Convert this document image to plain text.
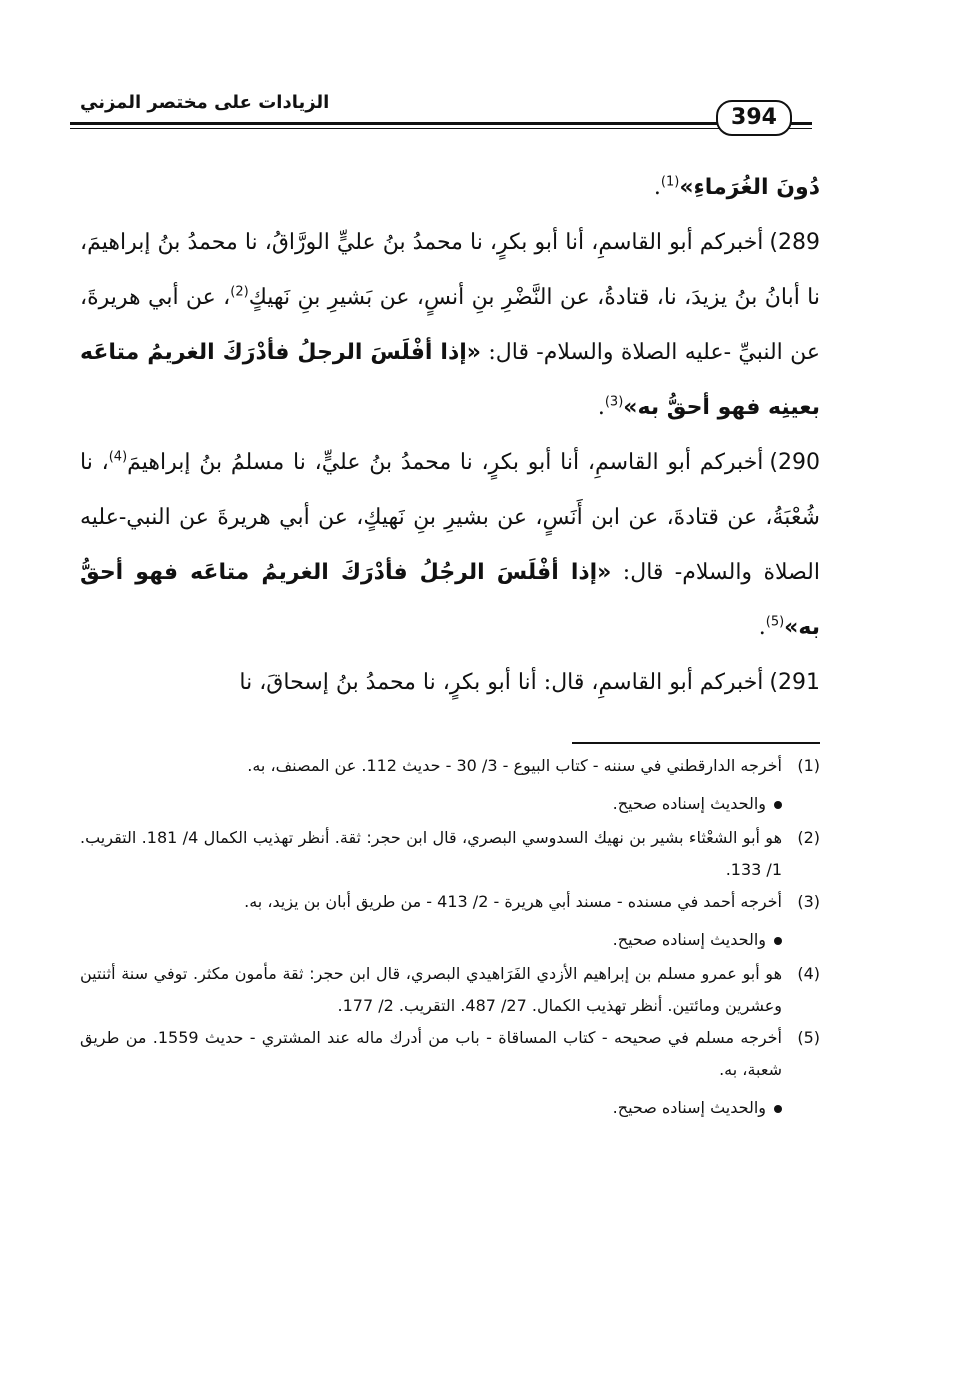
الزيادات على مختصر المزني
394

دُونَ الغُرَماءِ»$^{(1)}$.

289)أخبركم أبو القاسمِ، أنا أبو بكرٍ، نا محمدُ بنُ عليٍّ الورَّاقُ، نا محمدُ بنُ إبراهيمَ، نا أبانُ بنُ يزيدَ، نا، قتادةُ، عن النَّضْرِ بنِ أنسٍ، عن بَشيرِ بنِ نَهيكٍ$^{(2)}$، عن أبي هريرةَ، عن النبيِّ -عليه الصلاة والسلام- قال: «إذا أفْلَسَ الرجلُ فأدْرَكَ الغريمُ متاعَه بعينِه فهو أحقُّ به»$^{(3)}$.

290)أخبركم أبو القاسمِ، أنا أبو بكرٍ، نا محمدُ بنُ عليٍّ، نا مسلمُ بنُ إبراهيمَ$^{(4)}$، نا شُعْبَةُ، عن قتادةَ، عن ابن أَنَسٍ، عن بشيرِ بنِ نَهيكٍ، عن أبي هريرةَ عن النبي-عليه الصلاة والسلام- قال: «إذا أفْلَسَ الرجُلُ فأدْرَكَ الغريمُ متاعَه فهو أحقُّ به»$^{(5)}$.

291)أخبركم أبو القاسمِ، قال: أنا أبو بكرٍ، نا محمدُ بنُ إسحاقَ، نا

(1)
أخرجه الدارقطني في سننه - كتاب البيوع - 3/ 30 - حديث 112. عن المصنف، به.

والحديث إسناده صحيح.

(2)
هو أبو الشعْثاء بشير بن نهيك السدوسي البصري، قال ابن حجر: ثقة. أنظر تهذيب الكمال 4/ 181. التقريب. 1/ 133.

(3)
أخرجه أحمد في مسنده - مسند أبي هريرة - 2/ 413 - من طريق أبان بن يزيد، به.

والحديث إسناده صحيح.

(4)
هو أبو عمرو مسلم بن إبراهيم الأزدي الفَرَاهيدي البصري، قال ابن حجر: ثقة مأمون مكثر. توفي سنة أثنتين وعشرين ومائتين. أنظر تهذيب الكمال. 27/ 487. التقريب. 2/ 177.

(5)
أخرجه مسلم في صحيحه - كتاب المساقاة - باب من أدرك ماله عند المشتري - حديث 1559. من طريق شعبة، به.

والحديث إسناده صحيح.
